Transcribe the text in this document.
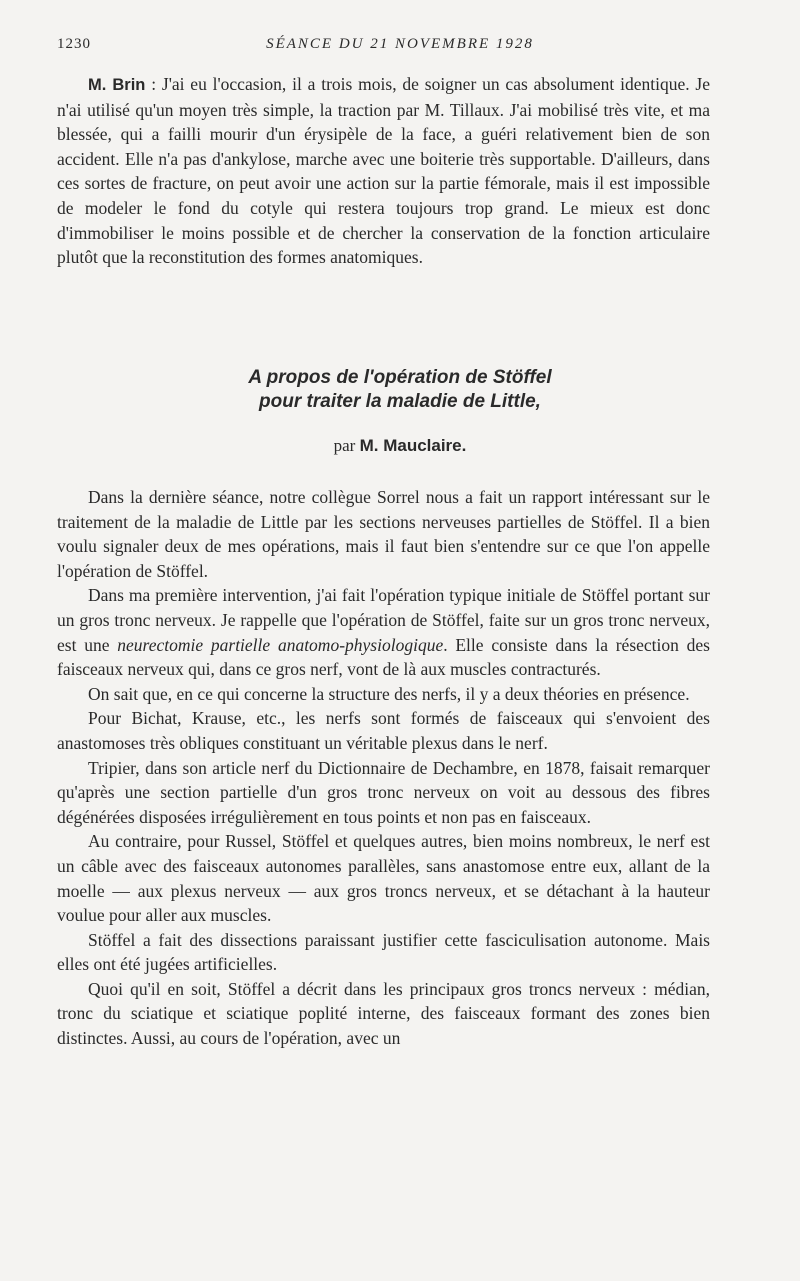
1230	SÉANCE DU 21 NOVEMBRE 1928

M. Brin : J'ai eu l'occasion, il a trois mois, de soigner un cas absolument identique. Je n'ai utilisé qu'un moyen très simple, la traction par M. Tillaux. J'ai mobilisé très vite, et ma blessée, qui a failli mourir d'un érysipèle de la face, a guéri relativement bien de son accident. Elle n'a pas d'ankylose, marche avec une boiterie très supportable. D'ailleurs, dans ces sortes de fracture, on peut avoir une action sur la partie fémorale, mais il est impossible de modeler le fond du cotyle qui restera toujours trop grand. Le mieux est donc d'immobiliser le moins possible et de chercher la conservation de la fonction articulaire plutôt que la reconstitution des formes anatomiques.

A propos de l'opération de Stöffel
pour traiter la maladie de Little,
par M. Mauclaire.

Dans la dernière séance, notre collègue Sorrel nous a fait un rapport intéressant sur le traitement de la maladie de Little par les sections nerveuses partielles de Stöffel. Il a bien voulu signaler deux de mes opérations, mais il faut bien s'entendre sur ce que l'on appelle l'opération de Stöffel.

Dans ma première intervention, j'ai fait l'opération typique initiale de Stöffel portant sur un gros tronc nerveux. Je rappelle que l'opération de Stöffel, faite sur un gros tronc nerveux, est une neurectomie partielle anatomo-physiologique. Elle consiste dans la résection des faisceaux nerveux qui, dans ce gros nerf, vont de là aux muscles contracturés.

On sait que, en ce qui concerne la structure des nerfs, il y a deux théories en présence.

Pour Bichat, Krause, etc., les nerfs sont formés de faisceaux qui s'envoient des anastomoses très obliques constituant un véritable plexus dans le nerf.

Tripier, dans son article nerf du Dictionnaire de Dechambre, en 1878, faisait remarquer qu'après une section partielle d'un gros tronc nerveux on voit au dessous des fibres dégénérées disposées irrégulièrement en tous points et non pas en faisceaux.

Au contraire, pour Russel, Stöffel et quelques autres, bien moins nombreux, le nerf est un câble avec des faisceaux autonomes parallèles, sans anastomose entre eux, allant de la moelle — aux plexus nerveux — aux gros troncs nerveux, et se détachant à la hauteur voulue pour aller aux muscles.

Stöffel a fait des dissections paraissant justifier cette fasciculisation autonome. Mais elles ont été jugées artificielles.

Quoi qu'il en soit, Stöffel a décrit dans les principaux gros troncs nerveux : médian, tronc du sciatique et sciatique poplité interne, des faisceaux formant des zones bien distinctes. Aussi, au cours de l'opération, avec un
